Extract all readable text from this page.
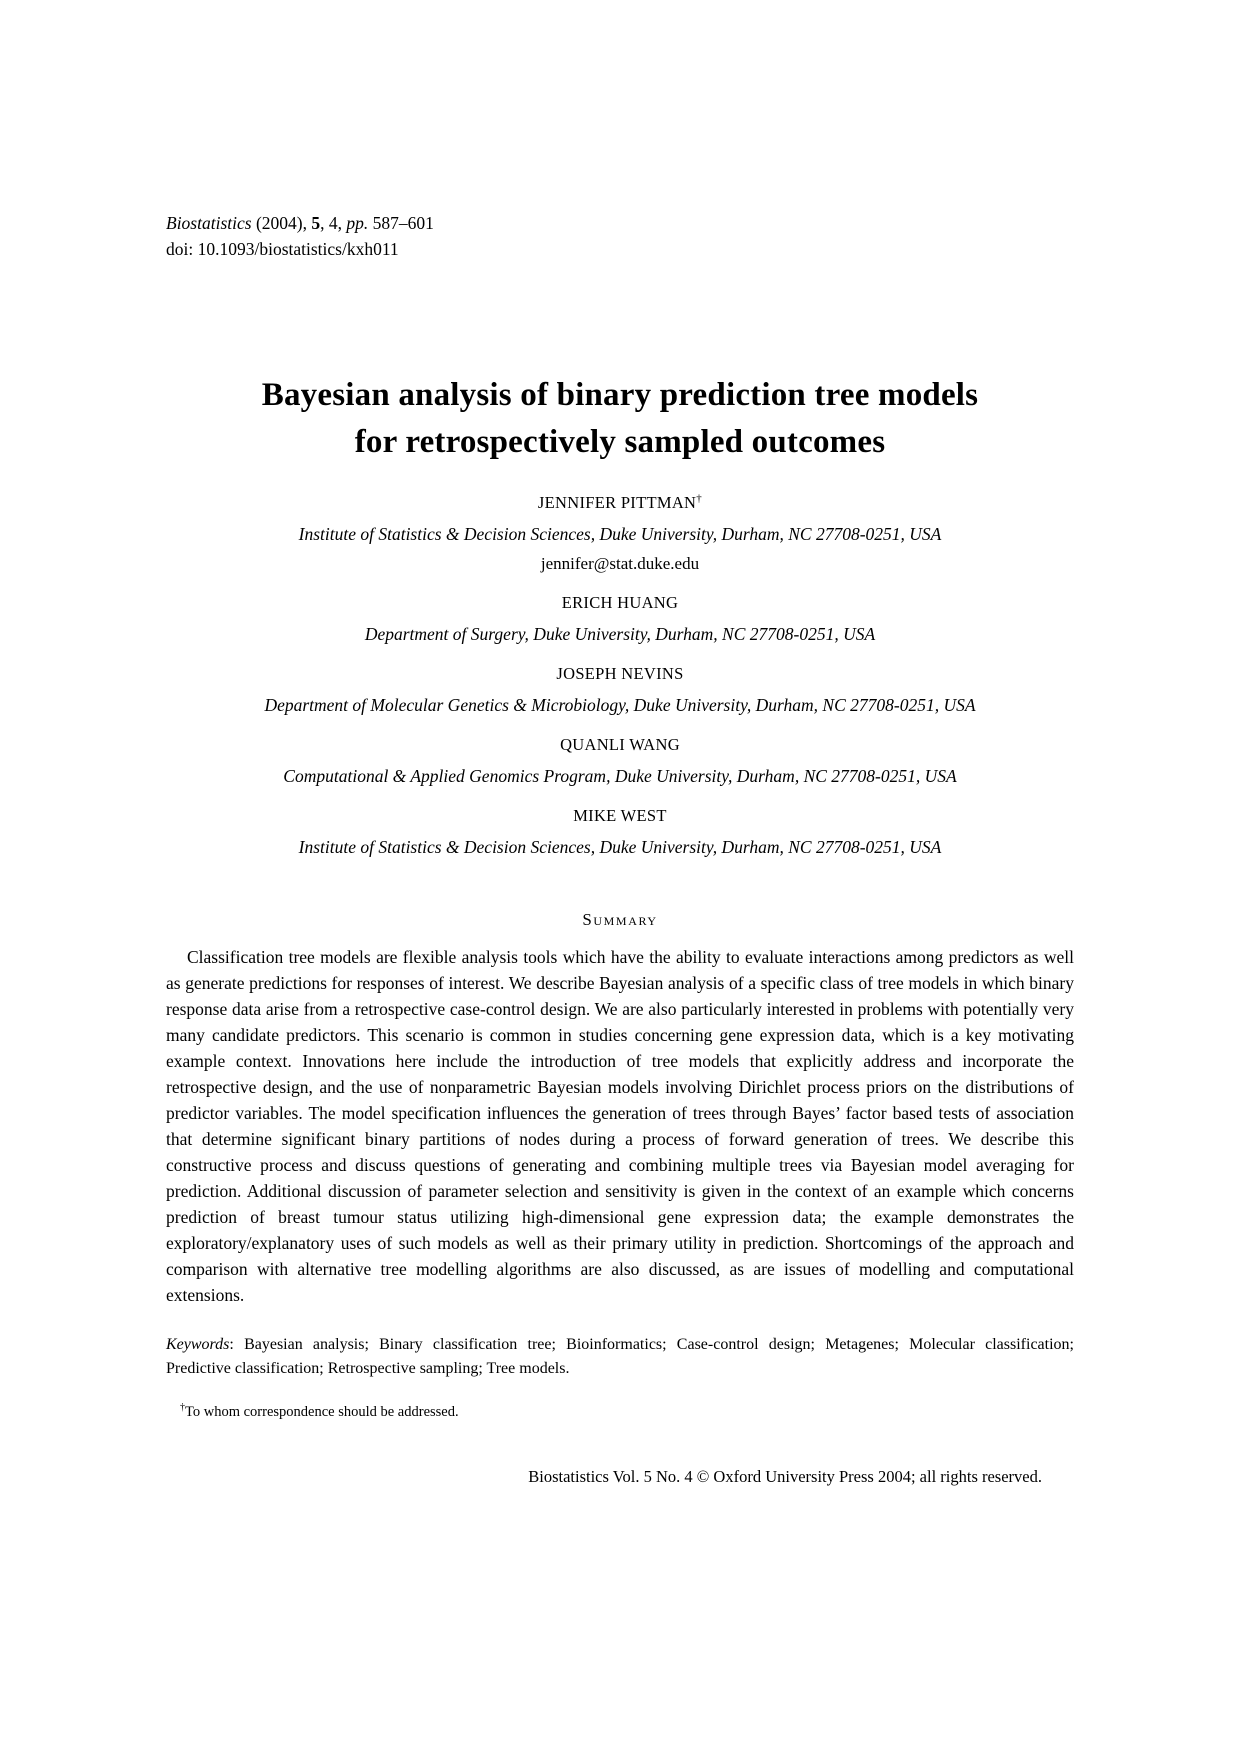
Biostatistics (2004), 5, 4, pp. 587–601
doi: 10.1093/biostatistics/kxh011
Bayesian analysis of binary prediction tree models
for retrospectively sampled outcomes
JENNIFER PITTMAN†
Institute of Statistics & Decision Sciences, Duke University, Durham, NC 27708-0251, USA
jennifer@stat.duke.edu
ERICH HUANG
Department of Surgery, Duke University, Durham, NC 27708-0251, USA
JOSEPH NEVINS
Department of Molecular Genetics & Microbiology, Duke University, Durham, NC 27708-0251, USA
QUANLI WANG
Computational & Applied Genomics Program, Duke University, Durham, NC 27708-0251, USA
MIKE WEST
Institute of Statistics & Decision Sciences, Duke University, Durham, NC 27708-0251, USA
Summary

Classification tree models are flexible analysis tools which have the ability to evaluate interactions among predictors as well as generate predictions for responses of interest. We describe Bayesian analysis of a specific class of tree models in which binary response data arise from a retrospective case-control design. We are also particularly interested in problems with potentially very many candidate predictors. This scenario is common in studies concerning gene expression data, which is a key motivating example context. Innovations here include the introduction of tree models that explicitly address and incorporate the retrospective design, and the use of nonparametric Bayesian models involving Dirichlet process priors on the distributions of predictor variables. The model specification influences the generation of trees through Bayes’ factor based tests of association that determine significant binary partitions of nodes during a process of forward generation of trees. We describe this constructive process and discuss questions of generating and combining multiple trees via Bayesian model averaging for prediction. Additional discussion of parameter selection and sensitivity is given in the context of an example which concerns prediction of breast tumour status utilizing high-dimensional gene expression data; the example demonstrates the exploratory/explanatory uses of such models as well as their primary utility in prediction. Shortcomings of the approach and comparison with alternative tree modelling algorithms are also discussed, as are issues of modelling and computational extensions.

Keywords: Bayesian analysis; Binary classification tree; Bioinformatics; Case-control design; Metagenes; Molecular classification; Predictive classification; Retrospective sampling; Tree models.

†To whom correspondence should be addressed.

Biostatistics Vol. 5 No. 4 © Oxford University Press 2004; all rights reserved.
